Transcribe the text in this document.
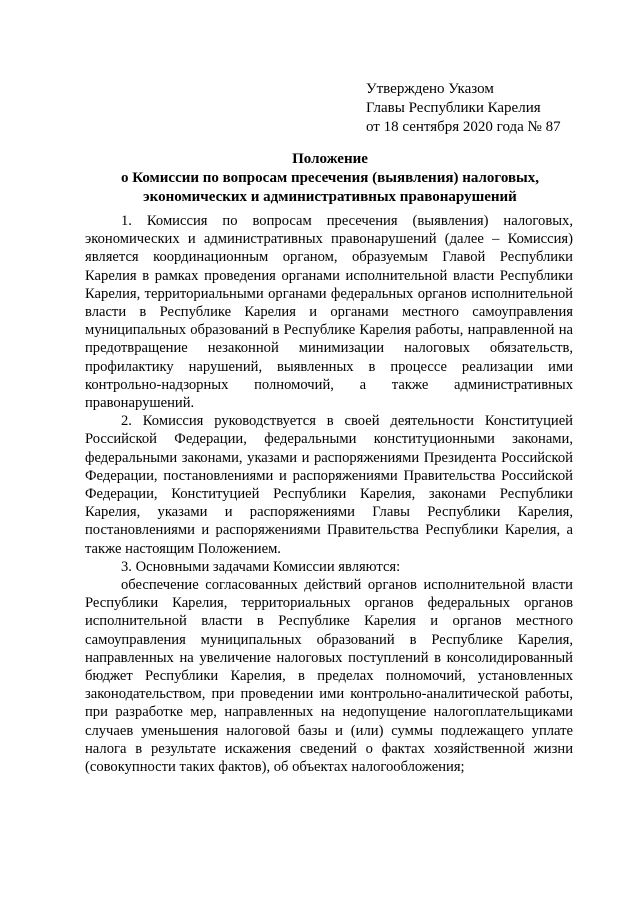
Утверждено Указом
Главы Республики Карелия
от 18 сентября 2020 года № 87
Положение
о Комиссии по вопросам пресечения (выявления) налоговых,
экономических и административных правонарушений

1. Комиссия по вопросам пресечения (выявления) налоговых, экономических и административных правонарушений (далее – Комиссия) является координационным органом, образуемым Главой Республики Карелия в рамках проведения органами исполнительной власти Республики Карелия, территориальными органами федеральных органов исполнительной власти в Республике Карелия и органами местного самоуправления муниципальных образований в Республике Карелия работы, направленной на предотвращение незаконной минимизации налоговых обязательств, профилактику нарушений, выявленных в процессе реализации ими контрольно-надзорных полномочий, а также административных правонарушений.

2. Комиссия руководствуется в своей деятельности Конституцией Российской Федерации, федеральными конституционными законами, федеральными законами, указами и распоряжениями Президента Российской Федерации, постановлениями и распоряжениями Правительства Российской Федерации, Конституцией Республики Карелия, законами Республики Карелия, указами и распоряжениями Главы Республики Карелия, постановлениями и распоряжениями Правительства Республики Карелия, а также настоящим Положением.

3. Основными задачами Комиссии являются:

обеспечение согласованных действий органов исполнительной власти Республики Карелия, территориальных органов федеральных органов исполнительной власти в Республике Карелия и органов местного самоуправления муниципальных образований в Республике Карелия, направленных на увеличение налоговых поступлений в консолидированный бюджет Республики Карелия, в пределах полномочий, установленных законодательством, при проведении ими контрольно-аналитической работы, при разработке мер, направленных на недопущение налогоплательщиками случаев уменьшения налоговой базы и (или) суммы подлежащего уплате налога в результате искажения сведений о фактах хозяйственной жизни (совокупности таких фактов), об объектах налогообложения;
